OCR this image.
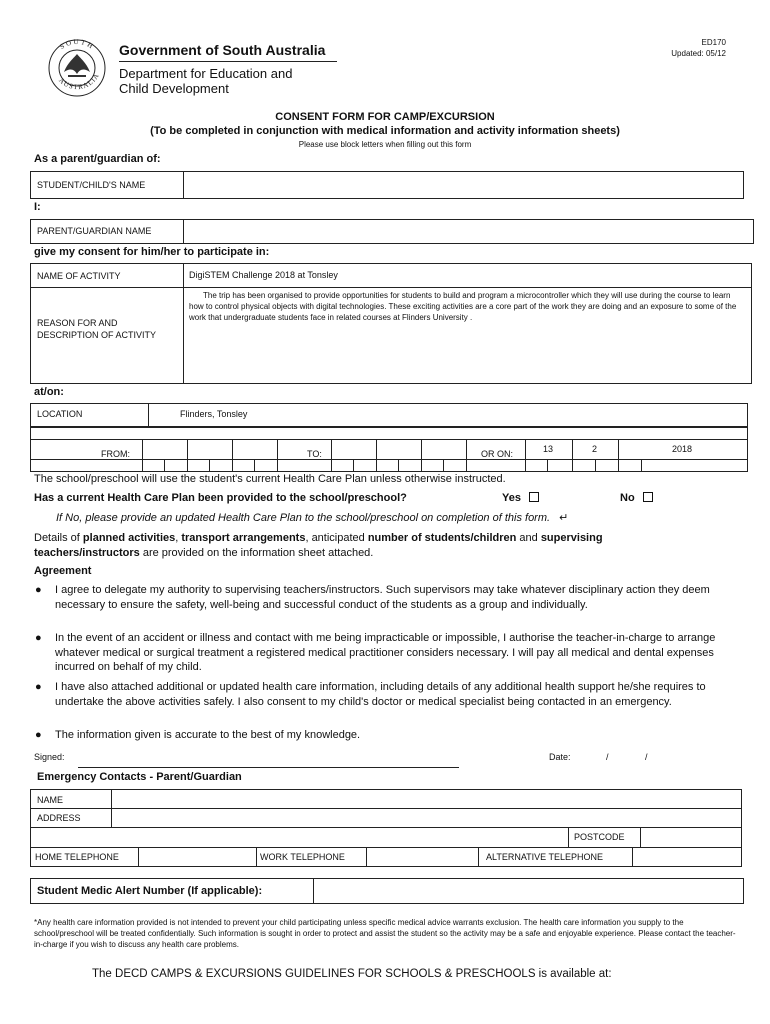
SOUTH
AUSTRALIA
Government of South Australia
Department for Education and
Child Development
ED170
Updated: 05/12
CONSENT FORM FOR CAMP/EXCURSION
(To be completed in conjunction with medical information and activity information sheets)
Please use block letters when filling out this form
As a parent/guardian of:
STUDENT/CHILD'S NAME
I:
PARENT/GUARDIAN NAME
give my consent for him/her to participate in:
NAME OF ACTIVITY	DigiSTEM Challenge 2018 at Tonsley
REASON FOR AND
DESCRIPTION OF ACTIVITY
The trip has been organised to provide opportunities for students to build and program a microcontroller which they will use during the course to learn how to control physical objects with digital technologies. These exciting activities are a core part of the work they are doing and an exposure to some of the work that undergraduate students face in related courses at Flinders University .
at/on:
LOCATION	Flinders, Tonsley
FROM:	TO:	OR ON:	13	2	2018
The school/preschool will use the student's current Health Care Plan unless otherwise instructed.
Has a current Health Care Plan been provided to the school/preschool?	Yes	No
If No, please provide an updated Health Care Plan to the school/preschool on completion of this form. ↵
Details of planned activities, transport arrangements, anticipated number of students/children and supervising
teachers/instructors are provided on the information sheet attached.
Agreement
● I agree to delegate my authority to supervising teachers/instructors. Such supervisors may take whatever disciplinary action they deem necessary to ensure the safety, well-being and successful conduct of the students as a group and individually.
● In the event of an accident or illness and contact with me being impracticable or impossible, I authorise the teacher-in-charge to arrange whatever medical or surgical treatment a registered medical practitioner considers necessary. I will pay all medical and dental expenses incurred on behalf of my child.
● I have also attached additional or updated health care information, including details of any additional health support he/she requires to undertake the above activities safely. I also consent to my child's doctor or medical specialist being contacted in an emergency.
● The information given is accurate to the best of my knowledge.
Signed:	Date:	/	/
Emergency Contacts - Parent/Guardian
NAME
ADDRESS
POSTCODE
HOME TELEPHONE	WORK TELEPHONE	ALTERNATIVE TELEPHONE
Student Medic Alert Number (If applicable):
*Any health care information provided is not intended to prevent your child participating unless specific medical advice warrants exclusion. The health care information you supply to the school/preschool will be treated confidentially. Such information is sought in order to protect and assist the student so the activity may be a safe and enjoyable experience. Please contact the teacher-in-charge if you wish to discuss any health care problems.
The DECD CAMPS & EXCURSIONS GUIDELINES FOR SCHOOLS & PRESCHOOLS is available at:
